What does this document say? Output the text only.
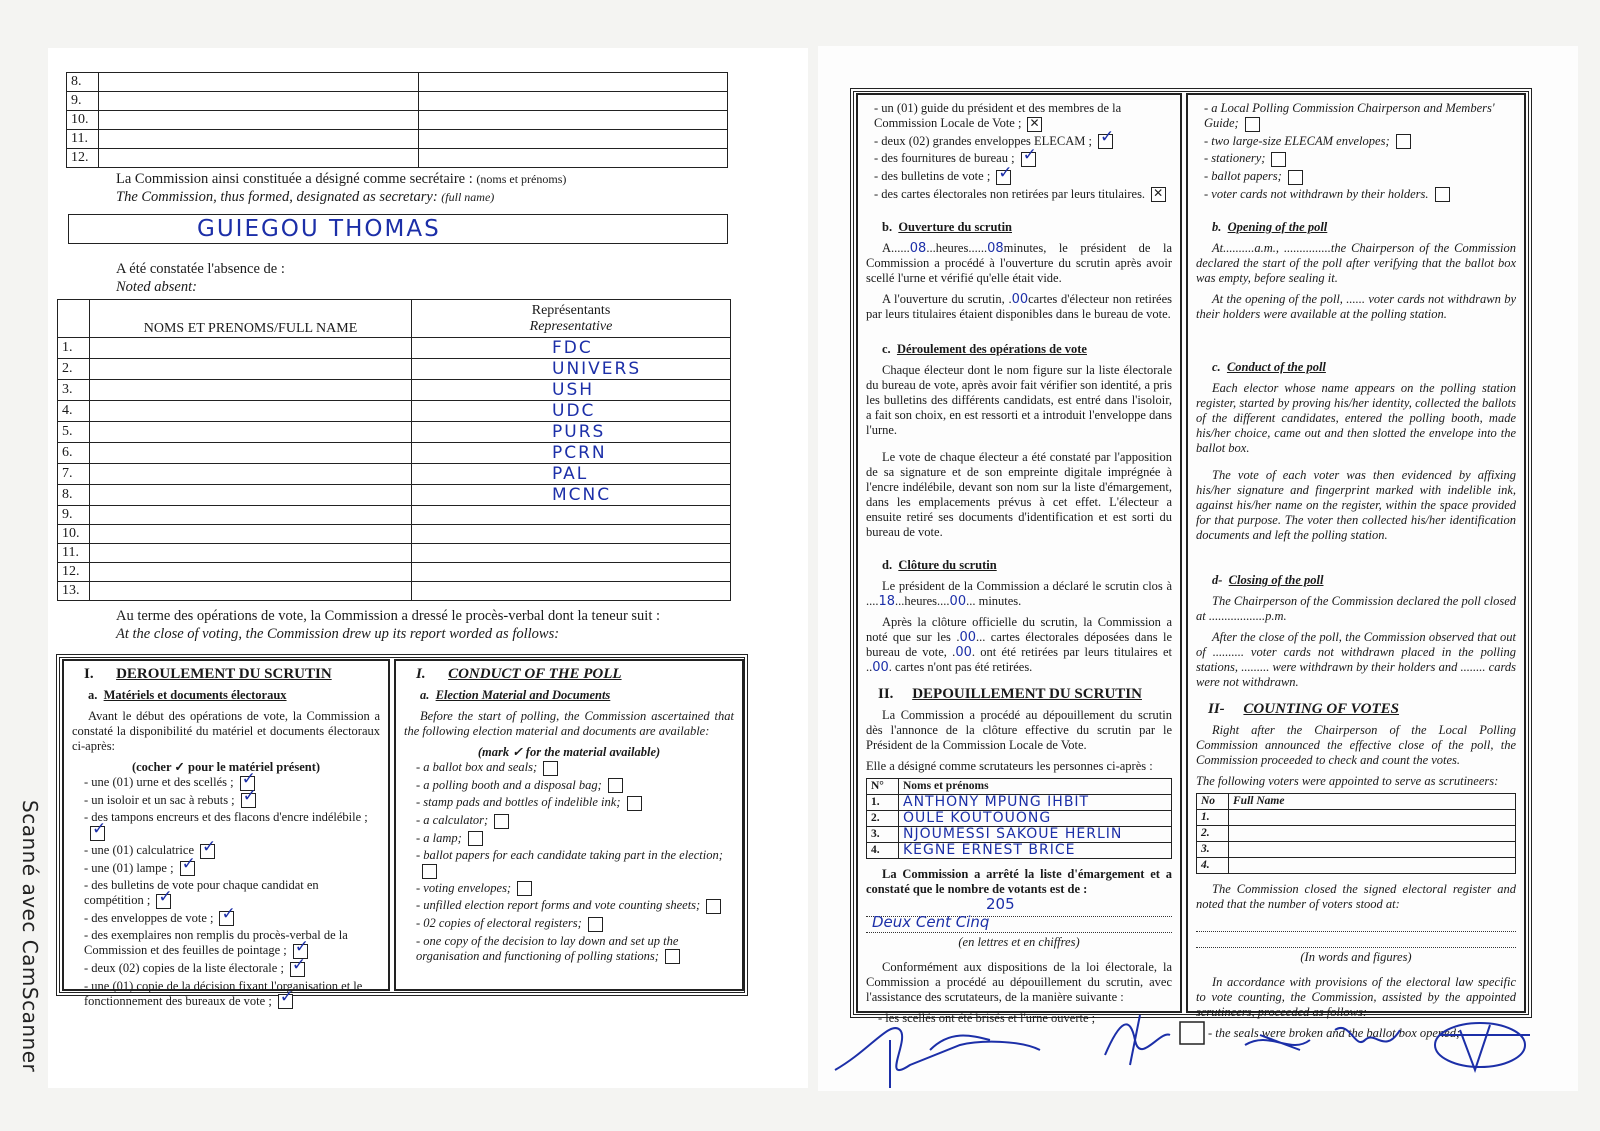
Scanné avec CamScanner
8.		
9.		
10.		
11.		
12.		
La Commission ainsi constituée a désigné comme secrétaire : (noms et prénoms)
The Commission, thus formed, designated as secretary: (full name)
GUIEGOU THOMAS
A été constatée l'absence de :
Noted absent:
	NOMS ET PRENOMS/FULL NAME	Représentants
Representative

1.		FDC
2.		UNIVERS
3.		USH
4.		UDC
5.		PURS
6.		PCRN
7.		PAL
8.		MCNC
9.		
10.		
11.		
12.		
13.		
Au terme des opérations de vote, la Commission a dressé le procès-verbal dont la teneur suit :
At the close of voting, the Commission drew up its report worded as follows:
I. DEROULEMENT DU SCRUTIN
a. Matériels et documents électoraux

Avant le début des opérations de vote, la Commission a constaté la disponibilité du matériel et documents électoraux ci-après:

(cocher ✓ pour le matériel présent)
- une (01) urne et des scellés ;✓
- un isoloir et un sac à rebuts ;✓
- des tampons encreurs et des flacons d'encre indélébile ;✓
- une (01) calculatrice✓
- une (01) lampe ;✓
- des bulletins de vote pour chaque candidat en compétition ;✓
- des enveloppes de vote ;✓
- des exemplaires non remplis du procès-verbal de la Commission et des feuilles de pointage ;✓
- deux (02) copies de la liste électorale ;✓
- une (01) copie de la décision fixant l'organisation et le fonctionnement des bureaux de vote ;✓
I. CONDUCT OF THE POLL
a. Election Material and Documents

Before the start of polling, the Commission ascertained that the following election material and documents are available:

(mark ✓ for the material available)
- a ballot box and seals;
- a polling booth and a disposal bag;
- stamp pads and bottles of indelible ink;
- a calculator;
- a lamp;
- ballot papers for each candidate taking part in the election;
- voting envelopes;
- unfilled election report forms and vote counting sheets;
- 02 copies of electoral registers;
- one copy of the decision to lay down and set up the organisation and functioning of polling stations;
- un (01) guide du président et des membres de la Commission Locale de Vote ;✕
- deux (02) grandes enveloppes ELECAM ;✓
- des fournitures de bureau ;✓
- des bulletins de vote ;✓
- des cartes électorales non retirées par leurs titulaires.✕
b. Ouverture du scrutin

A......08...heures......08minutes, le président de la Commission a procédé à l'ouverture du scrutin après avoir scellé l'urne et vérifié qu'elle était vide.

A l'ouverture du scrutin, .00cartes d'électeur non retirées par leurs titulaires étaient disponibles dans le bureau de vote.

c. Déroulement des opérations de vote

Chaque électeur dont le nom figure sur la liste électorale du bureau de vote, après avoir fait vérifier son identité, a pris les bulletins des différents candidats, est entré dans l'isoloir, a fait son choix, en est ressorti et a introduit l'enveloppe dans l'urne.

Le vote de chaque électeur a été constaté par l'apposition de sa signature et de son empreinte digitale imprégnée à l'encre indélébile, devant son nom sur la liste d'émargement, dans les emplacements prévus à cet effet. L'électeur a ensuite retiré ses documents d'identification et est sorti du bureau de vote.

d. Clôture du scrutin

Le président de la Commission a déclaré le scrutin clos à ....18...heures....00... minutes.

Après la clôture officielle du scrutin, la Commission a noté que sur les .00... cartes électorales déposées dans le bureau de vote, .00. ont été retirées par leurs titulaires et ..00. cartes n'ont pas été retirées.

II. DEPOUILLEMENT DU SCRUTIN

La Commission a procédé au dépouillement du scrutin dès l'annonce de la clôture effective du scrutin par le Président de la Commission Locale de Vote.

Elle a désigné comme scrutateurs les personnes ci-après :
N°	Noms et prénoms
1.	ANTHONY MPUNG IHBIT
2.	OULE KOUTOUONG
3.	NJOUMESSI SAKOUE HERLIN
4.	KEGNE ERNEST BRICE

La Commission a arrêté la liste d'émargement et a constaté que le nombre de votants est de :

205
Deux Cent Cinq
(en lettres et en chiffres)

Conformément aux dispositions de la loi électorale, la Commission a procédé au dépouillement du scrutin, avec l'assistance des scrutateurs, de la manière suivante :

- les scellés ont été brisés et l'urne ouverte ;
- a Local Polling Commission Chairperson and Members' Guide;
- two large-size ELECAM envelopes;
- stationery;
- ballot papers;
- voter cards not withdrawn by their holders.
b. Opening of the poll

At..........a.m., ...............the Chairperson of the Commission declared the start of the poll after verifying that the ballot box was empty, before sealing it.

At the opening of the poll, ...... voter cards not withdrawn by their holders were available at the polling station.

c. Conduct of the poll

Each elector whose name appears on the polling station register, started by proving his/her identity, collected the ballots of the different candidates, entered the polling booth, made his/her choice, came out and then slotted the envelope into the ballot box.

The vote of each voter was then evidenced by affixing his/her signature and fingerprint marked with indelible ink, against his/her name on the register, within the space provided for that purpose. The voter then collected his/her identification documents and left the polling station.

d- Closing of the poll

The Chairperson of the Commission declared the poll closed at ..................p.m.

After the close of the poll, the Commission observed that out of .......... voter cards not withdrawn placed in the polling stations, ......... were withdrawn by their holders and ........ cards were not withdrawn.

II- COUNTING OF VOTES

Right after the Chairperson of the Local Polling Commission announced the effective close of the poll, the Commission proceeded to check and count the votes.

The following voters were appointed to serve as scrutineers:
No	Full Name
1.	
2.	
3.	
4.	

The Commission closed the signed electoral register and noted that the number of voters stood at:

(In words and figures)

In accordance with provisions of the electoral law specific to vote counting, the Commission, assisted by the appointed scrutineers, proceeded as follows:

- the seals were broken and the ballot box opened;
